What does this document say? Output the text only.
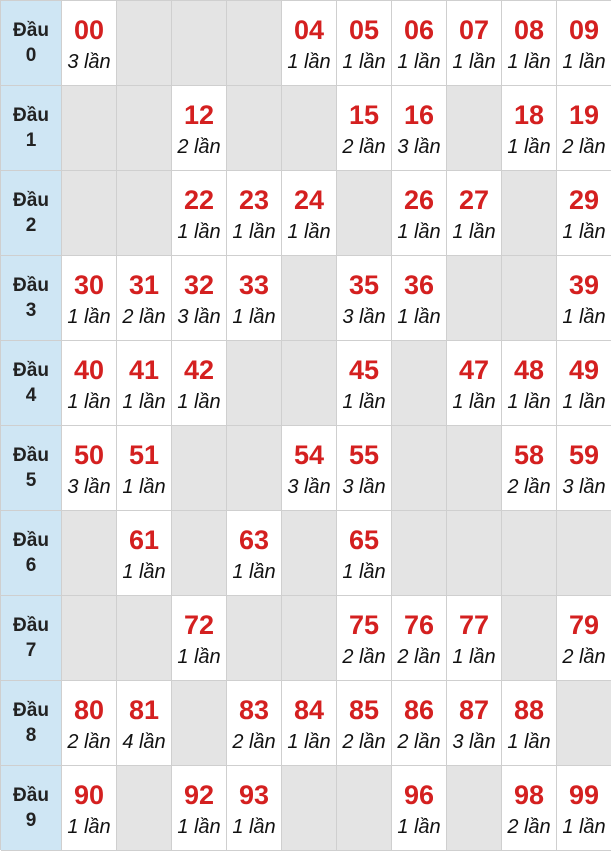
Đầu
0
00
3 lần
04
1 lần
05
1 lần
06
1 lần
07
1 lần
08
1 lần
09
1 lần
Đầu
1
12
2 lần
15
2 lần
16
3 lần
18
1 lần
19
2 lần
Đầu
2
22
1 lần
23
1 lần
24
1 lần
26
1 lần
27
1 lần
29
1 lần
Đầu
3
30
1 lần
31
2 lần
32
3 lần
33
1 lần
35
3 lần
36
1 lần
39
1 lần
Đầu
4
40
1 lần
41
1 lần
42
1 lần
45
1 lần
47
1 lần
48
1 lần
49
1 lần
Đầu
5
50
3 lần
51
1 lần
54
3 lần
55
3 lần
58
2 lần
59
3 lần
Đầu
6
61
1 lần
63
1 lần
65
1 lần
Đầu
7
72
1 lần
75
2 lần
76
2 lần
77
1 lần
79
2 lần
Đầu
8
80
2 lần
81
4 lần
83
2 lần
84
1 lần
85
2 lần
86
2 lần
87
3 lần
88
1 lần
Đầu
9
90
1 lần
92
1 lần
93
1 lần
96
1 lần
98
2 lần
99
1 lần
